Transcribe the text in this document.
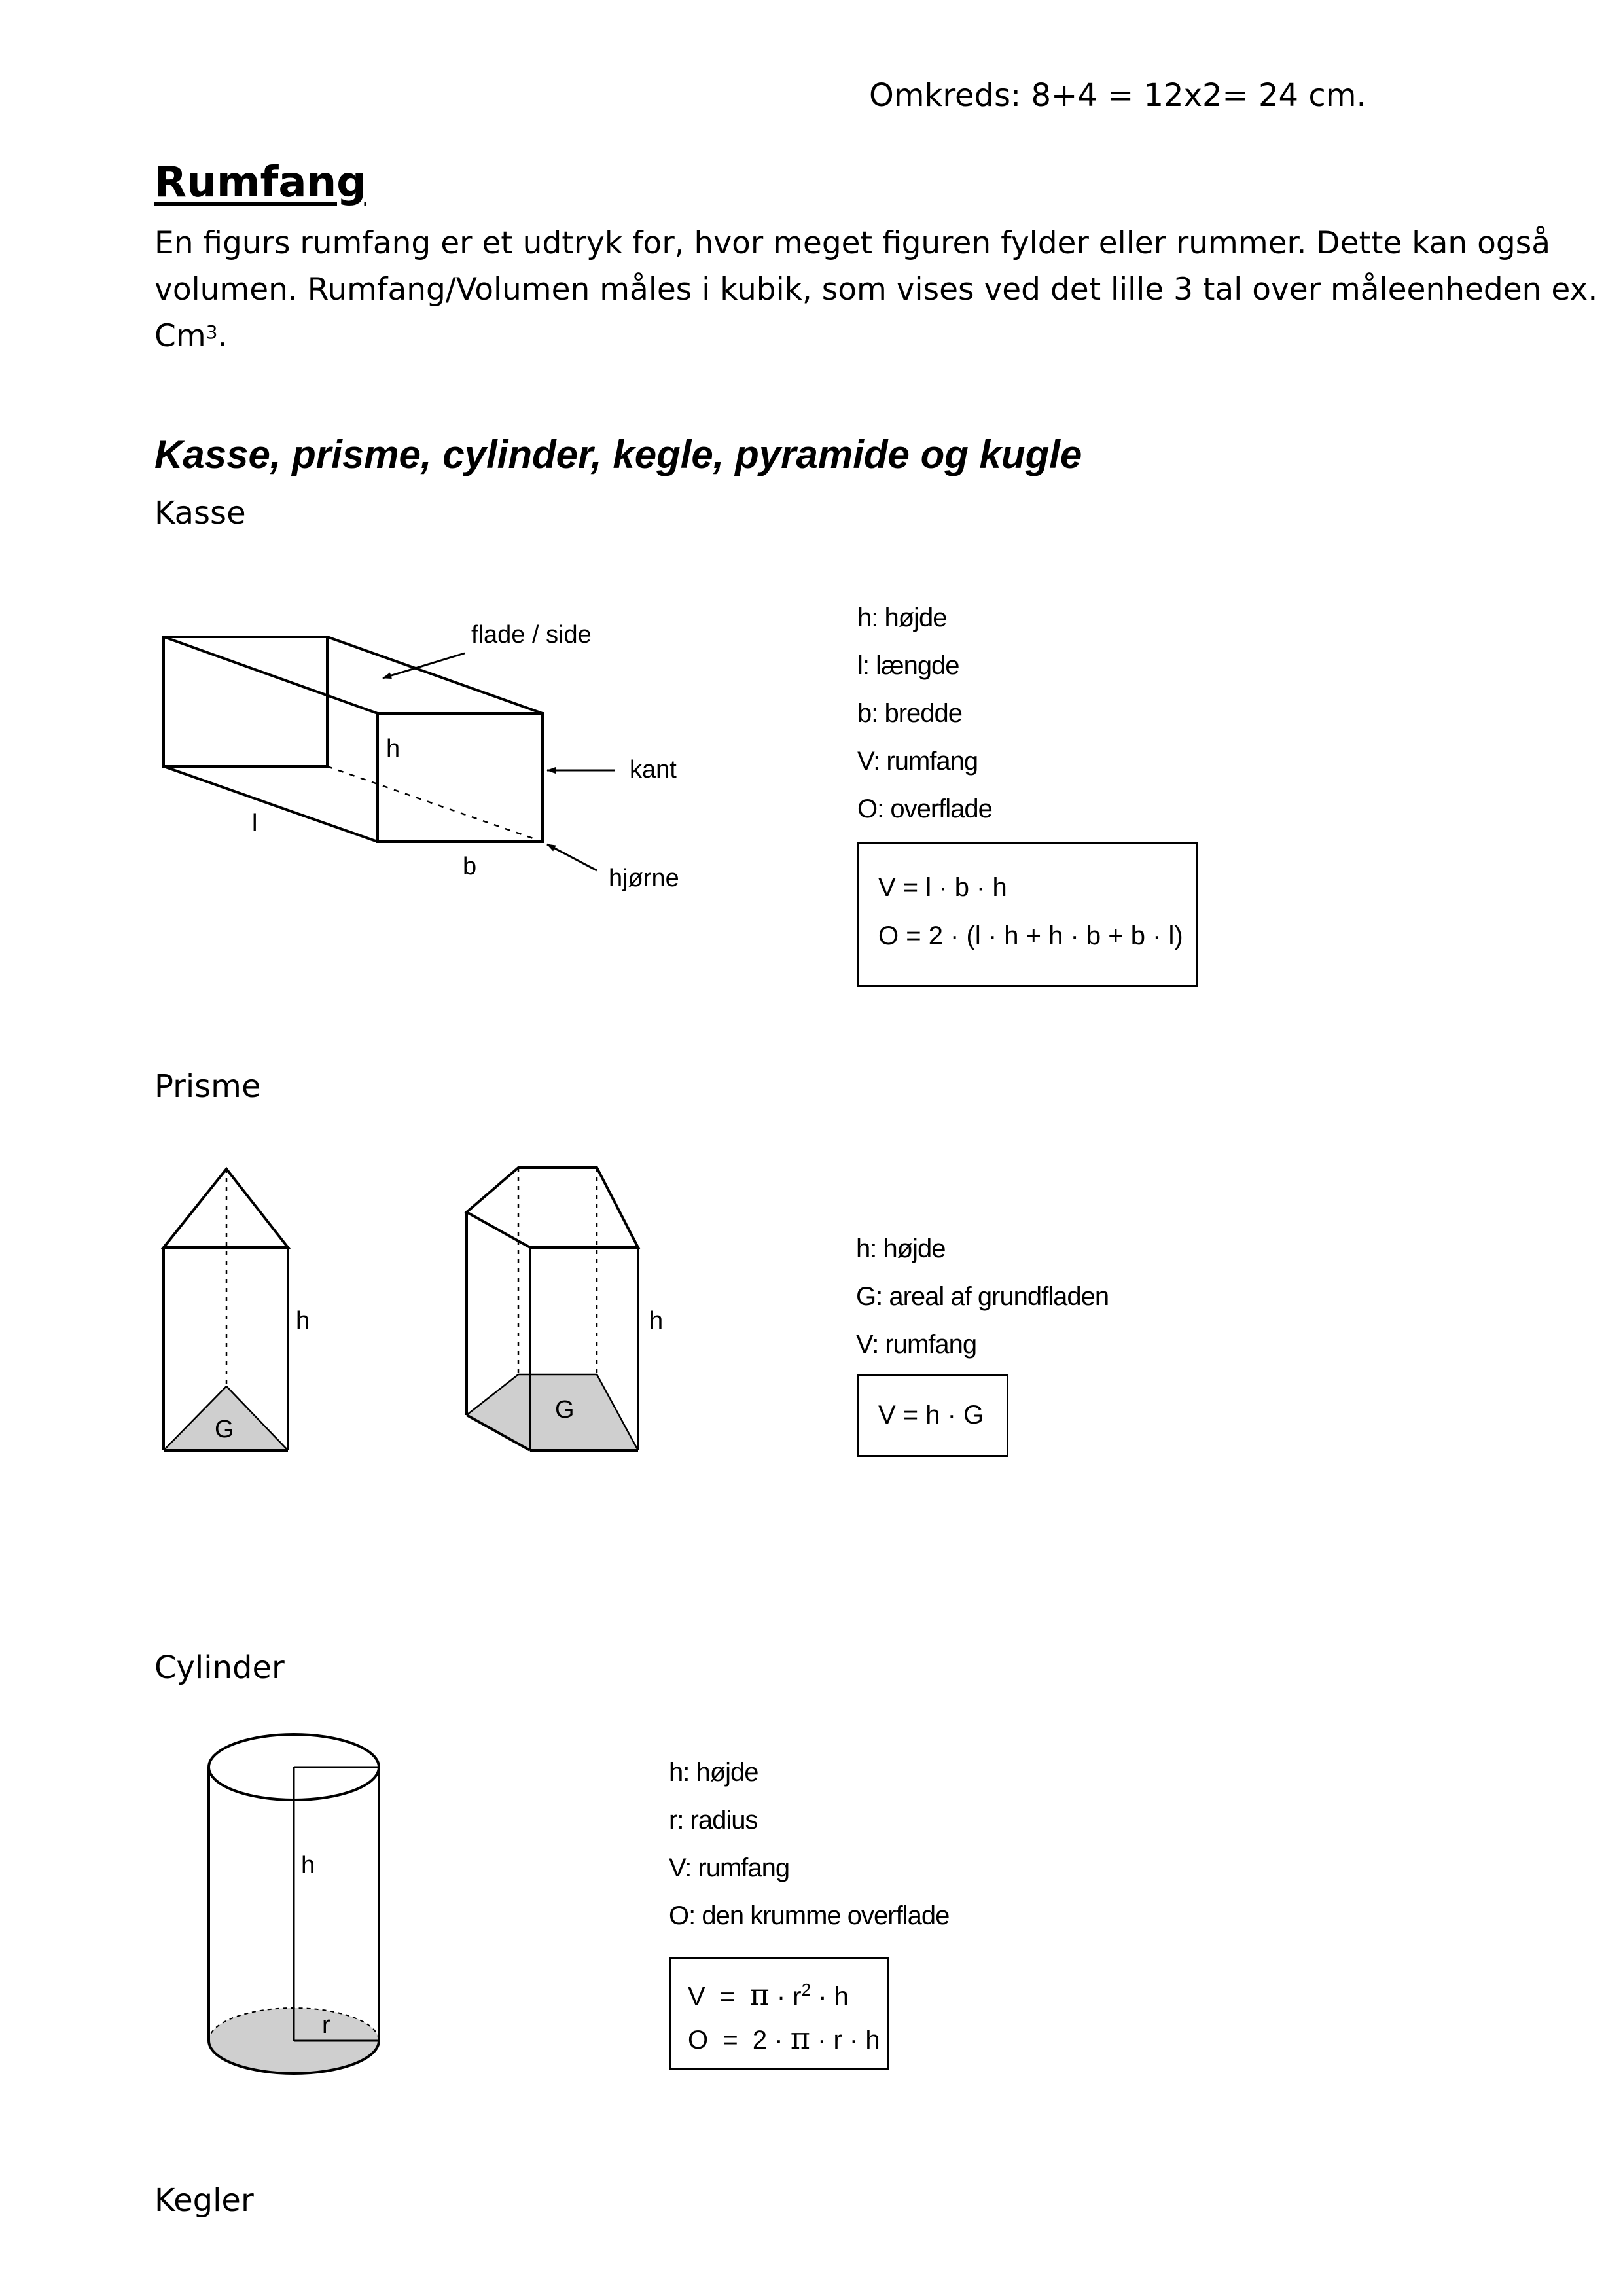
Omkreds: 8+4 = 12x2= 24 cm.
Rumfang
En figurs rumfang er et udtryk for, hvor meget figuren fylder eller rummer. Dette kan også
volumen. Rumfang/Volumen måles i kubik, som vises ved det lille 3 tal over måleenheden ex.
Cm$^3$.
Kasse, prisme, cylinder, kegle, pyramide og kugle
Kasse
flade / side
kant
hjørne
h
l
b
h
G
h
G
h
r
h: højde
l: længde
b: bredde
V: rumfang
O: overflade
V = l · b · h
O = 2 · (l · h + h · b + b · l)
Prisme
h: højde
G: areal af grundfladen
V: rumfang
V = h · G
Cylinder
h: højde
r: radius
V: rumfang
O: den krumme overflade
$V = \pi \cdot r^2 \cdot h$
O  =  2 · π · r · h
Kegler
